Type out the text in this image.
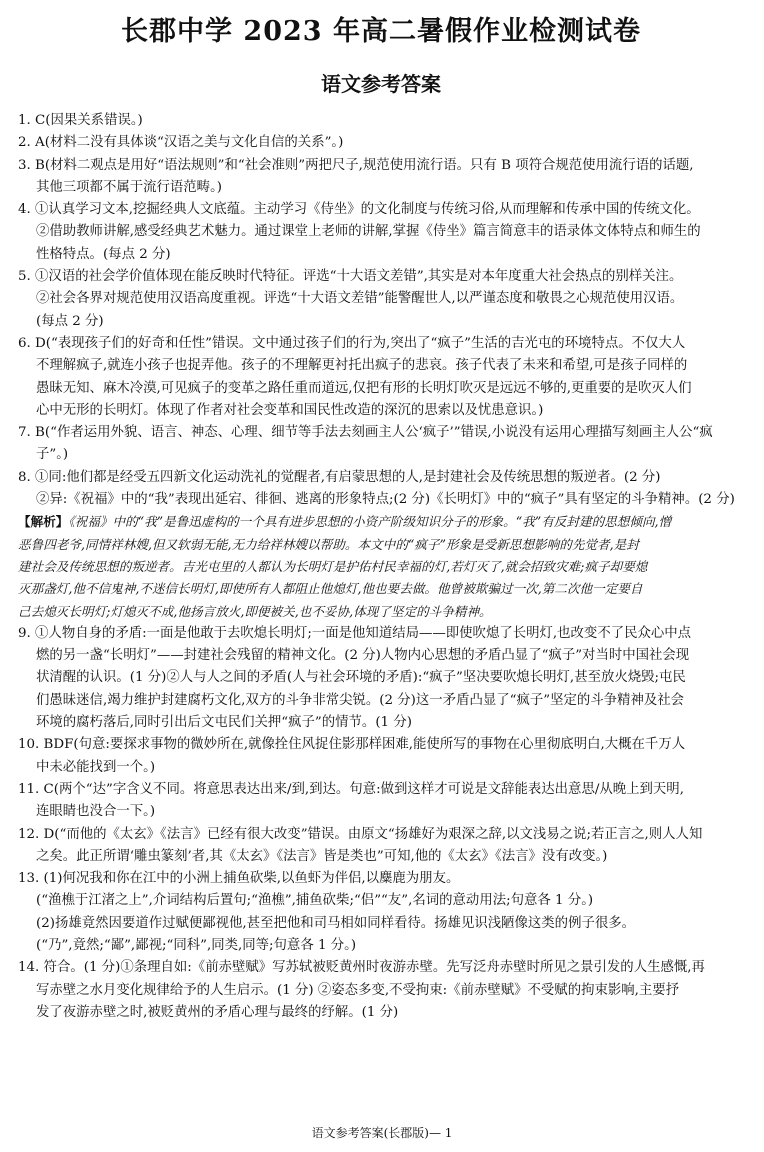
长郡中学 2023 年高二暑假作业检测试卷
语文参考答案

1. C(因果关系错误。)

2. A(材料二没有具体谈“汉语之美与文化自信的关系”。)

3. B(材料二观点是用好“语法规则”和“社会准则”两把尺子,规范使用流行语。只有 B 项符合规范使用流行语的话题,

其他三项都不属于流行语范畴。)

4. ①认真学习文本,挖掘经典人文底蕴。主动学习《侍坐》的文化制度与传统习俗,从而理解和传承中国的传统文化。

②借助教师讲解,感受经典艺术魅力。通过课堂上老师的讲解,掌握《侍坐》篇言简意丰的语录体文体特点和师生的

性格特点。(每点 2 分)

5. ①汉语的社会学价值体现在能反映时代特征。评选“十大语文差错”,其实是对本年度重大社会热点的别样关注。

②社会各界对规范使用汉语高度重视。评选“十大语文差错”能警醒世人,以严谨态度和敬畏之心规范使用汉语。

(每点 2 分)

6. D(“表现孩子们的好奇和任性”错误。文中通过孩子们的行为,突出了“疯子”生活的吉光屯的环境特点。不仅大人

不理解疯子,就连小孩子也捉弄他。孩子的不理解更衬托出疯子的悲哀。孩子代表了未来和希望,可是孩子同样的

愚昧无知、麻木冷漠,可见疯子的变革之路任重而道远,仅把有形的长明灯吹灭是远远不够的,更重要的是吹灭人们

心中无形的长明灯。体现了作者对社会变革和国民性改造的深沉的思索以及忧患意识。)

7. B(“作者运用外貌、语言、神态、心理、细节等手法去刻画主人公‘疯子’”错误,小说没有运用心理描写刻画主人公“疯

子”。)

8. ①同:他们都是经受五四新文化运动洗礼的觉醒者,有启蒙思想的人,是封建社会及传统思想的叛逆者。(2 分)

②异:《祝福》中的“我”表现出延宕、徘徊、逃离的形象特点;(2 分)《长明灯》中的“疯子”具有坚定的斗争精神。(2 分)

【解析】《祝福》中的“我”是鲁迅虚构的一个具有进步思想的小资产阶级知识分子的形象。“我”有反封建的思想倾向,憎
恶鲁四老爷,同情祥林嫂,但又软弱无能,无力给祥林嫂以帮助。本文中的“疯子”形象是受新思想影响的先觉者,是封
建社会及传统思想的叛逆者。吉光屯里的人都认为长明灯是护佑村民幸福的灯,若灯灭了,就会招致灾难;疯子却要熄
灭那盏灯,他不信鬼神,不迷信长明灯,即使所有人都阻止他熄灯,他也要去做。他曾被欺骗过一次,第二次他一定要自
己去熄灭长明灯;灯熄灭不成,他扬言放火,即便被关,也不妥协,体现了坚定的斗争精神。

9. ①人物自身的矛盾:一面是他敢于去吹熄长明灯;一面是他知道结局——即使吹熄了长明灯,也改变不了民众心中点

燃的另一盏“长明灯”——封建社会残留的精神文化。(2 分)人物内心思想的矛盾凸显了“疯子”对当时中国社会现

状清醒的认识。(1 分)②人与人之间的矛盾(人与社会环境的矛盾):“疯子”坚决要吹熄长明灯,甚至放火烧毁;屯民

们愚昧迷信,竭力维护封建腐朽文化,双方的斗争非常尖锐。(2 分)这一矛盾凸显了“疯子”坚定的斗争精神及社会

环境的腐朽落后,同时引出后文屯民们关押“疯子”的情节。(1 分)

10. BDF(句意:要探求事物的微妙所在,就像拴住风捉住影那样困难,能使所写的事物在心里彻底明白,大概在千万人

中未必能找到一个。)

11. C(两个“达”字含义不同。将意思表达出来/到,到达。句意:做到这样才可说是文辞能表达出意思/从晚上到天明,

连眼睛也没合一下。)

12. D(“而他的《太玄》《法言》已经有很大改变”错误。由原文“扬雄好为艰深之辞,以文浅易之说;若正言之,则人人知

之矣。此正所谓‘雕虫篆刻’者,其《太玄》《法言》皆是类也”可知,他的《太玄》《法言》没有改变。)

13. (1)何况我和你在江中的小洲上捕鱼砍柴,以鱼虾为伴侣,以麋鹿为朋友。

(“渔樵于江渚之上”,介词结构后置句;“渔樵”,捕鱼砍柴;“侣”“友”,名词的意动用法;句意各 1 分。)

(2)扬雄竟然因要道作过赋便鄙视他,甚至把他和司马相如同样看待。扬雄见识浅陋像这类的例子很多。

(“乃”,竟然;“鄙”,鄙视;“同科”,同类,同等;句意各 1 分。)

14. 符合。(1 分)①条理自如:《前赤壁赋》写苏轼被贬黄州时夜游赤壁。先写泛舟赤壁时所见之景引发的人生感慨,再

写赤壁之水月变化规律给予的人生启示。(1 分) ②姿态多变,不受拘束:《前赤壁赋》不受赋的拘束影响,主要抒

发了夜游赤壁之时,被贬黄州的矛盾心理与最终的纾解。(1 分)

语文参考答案(长郡版)— 1
